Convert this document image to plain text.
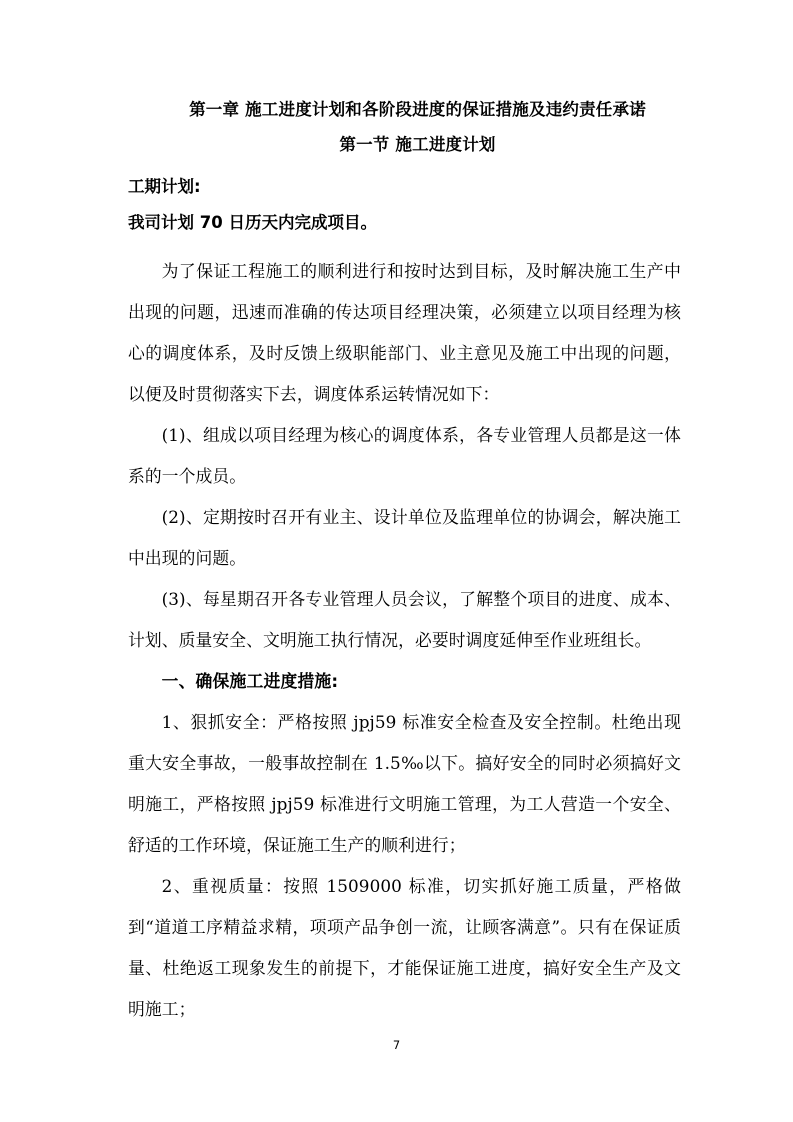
第一章 施工进度计划和各阶段进度的保证措施及违约责任承诺
第一节 施工进度计划

工期计划:

我司计划 70 日历天内完成项目。

为了保证工程施工的顺利进行和按时达到目标，及时解决施工生产中出现的问题，迅速而准确的传达项目经理决策，必须建立以项目经理为核心的调度体系，及时反馈上级职能部门、业主意见及施工中出现的问题，以便及时贯彻落实下去，调度体系运转情况如下：

(1)、组成以项目经理为核心的调度体系，各专业管理人员都是这一体系的一个成员。

(2)、定期按时召开有业主、设计单位及监理单位的协调会，解决施工中出现的问题。

(3)、每星期召开各专业管理人员会议，了解整个项目的进度、成本、计划、质量安全、文明施工执行情况，必要时调度延伸至作业班组长。

一、确保施工进度措施:

1、狠抓安全：严格按照 jpj59 标准安全检查及安全控制。杜绝出现重大安全事故，一般事故控制在 1.5‰以下。搞好安全的同时必须搞好文明施工，严格按照 jpj59 标准进行文明施工管理，为工人营造一个安全、舒适的工作环境，保证施工生产的顺利进行；

2、重视质量：按照 1509000 标准，切实抓好施工质量，严格做到“道道工序精益求精，项项产品争创一流，让顾客满意”。只有在保证质量、杜绝返工现象发生的前提下，才能保证施工进度，搞好安全生产及文明施工；

7
